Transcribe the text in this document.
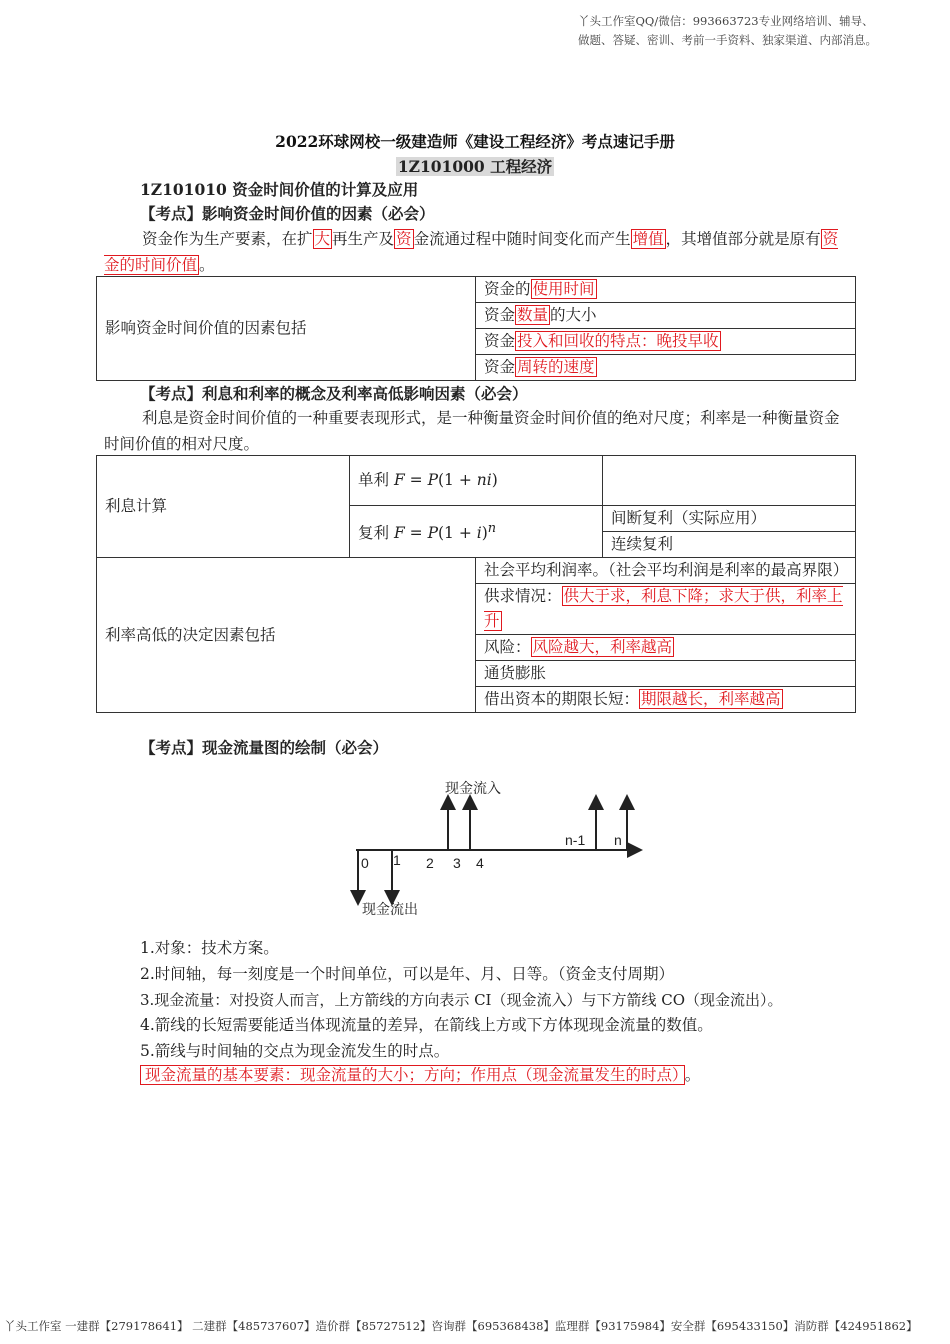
丫头工作室QQ/微信：993663723专业网络培训、辅导、
做题、答疑、密训、考前一手资料、独家渠道、内部消息。
2022环球网校一级建造师《建设工程经济》考点速记手册
1Z101000 工程经济
1Z101010 资金时间价值的计算及应用
【考点】影响资金时间价值的因素（必会）
资金作为生产要素，在扩 大 再生产及 资 金流通过程中随时间变化而产生 增值 ，其增值部分就是原有 资金的时间价值 。
影响资金时间价值的因素包括	资金的 使用时间
资金 数量 的大小
资金 投入和回收的特点：晚投早收
资金 周转的速度
【考点】利息和利率的概念及利率高低影响因素（必会）
利息是资金时间价值的一种重要表现形式，是一种衡量资金时间价值的绝对尺度；利率是一种衡量资金时间价值的相对尺度。
利息计算	单利 F = P(1 + ni)		
	复利 $F = P(1 + i)^n$		间断复利（实际应用）
			连续复利
利率高低的决定因素包括		社会平均利润率。（社会平均利润是利率的最高界限）	
		供求情况： 供大于求，利息下降；求大于供，利率上升	
		风险： 风险越大，利率越高	
		通货膨胀	
		借出资本的期限长短： 期限越长，利率越高	
【考点】现金流量图的绘制（必会）
现金流入
现金流出
0 1 2 3 4
n-1 n
1.对象：技术方案。
2.时间轴，每一刻度是一个时间单位，可以是年、月、日等。（资金支付周期）
3.现金流量：对投资人而言，上方箭线的方向表示 CI（现金流入）与下方箭线 CO（现金流出）。
4.箭线的长短需要能适当体现流量的差异，在箭线上方或下方体现现金流量的数值。
5.箭线与时间轴的交点为现金流发生的时点。
现金流量的基本要素：现金流量的大小；方向；作用点（现金流量发生的时点） 。
丫头工作室 一建群【279178641】 二建群【485737607】造价群【85727512】咨询群【695368438】监理群【93175984】安全群【695433150】消防群【424951862】
